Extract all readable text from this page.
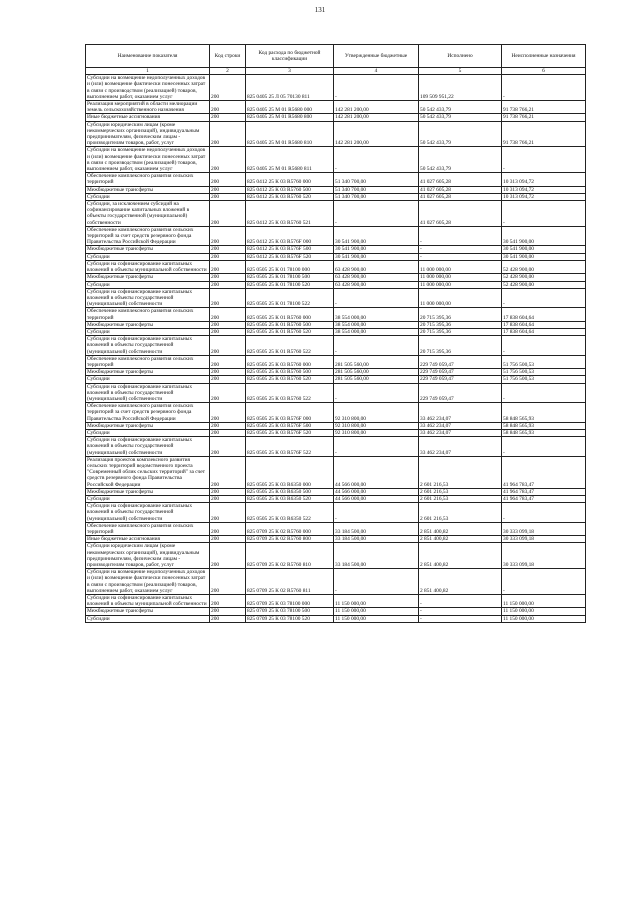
131
Наименование показателя	Код строки	Код расхода по бюджетной классификации	Утвержденные бюджетные	Исполнено	Неисполненные назначения
1	2	3	4	5	6
Субсидии на возмещение недополученных доходов и (или) возмещение фактически понесенных затрат в связи с производством (реализацией) товаров, выполнением работ, оказанием услуг	200	825 0405 25 Л 05 70130 811	-	109 509 951,22	-
Реализация мероприятий в области мелиорации земель сельскохозяйственного назначения	200	825 0405 25 М 01 R5680 000	142 281 200,00	50 542 433,79	91 738 766,21
Иные бюджетные ассигнования	200	825 0405 25 М 01 R5680 800	142 281 200,00	50 542 433,79	91 738 766,21
Субсидии юридическим лицам (кроме некоммерческих организаций), индивидуальным предпринимателям, физическим лицам - производителям товаров, работ, услуг	200	825 0405 25 М 01 R5680 810	142 281 200,00	50 542 433,79	91 738 766,21
Субсидии на возмещение недополученных доходов и (или) возмещение фактически понесенных затрат в связи с производством (реализацией) товаров, выполнением работ, оказанием услуг	200	825 0405 25 М 01 R5680 811	-	50 542 433,79	-
Обеспечение комплексного развития сельских территорий	200	825 0412 25 К 03 R5760 000	51 340 700,00	41 027 605,28	10 313 094,72
Межбюджетные трансферты	200	825 0412 25 К 03 R5760 500	51 340 700,00	41 027 605,28	10 313 094,72
Субсидии	200	825 0412 25 К 03 R5760 520	51 340 700,00	41 027 605,28	10 313 094,72
Субсидии, за исключением субсидий на софинансирование капитальных вложений в объекты государственной (муниципальной) собственности	200	825 0412 25 К 03 R5760 521	-	41 027 605,28	-
Обеспечение комплексного развития сельских территорий за счет средств резервного фонда Правительства Российской Федерации	200	825 0412 25 К 03 R576F 000	30 541 900,00	-	30 541 900,00
Межбюджетные трансферты	200	825 0412 25 К 03 R576F 500	30 541 900,00	-	30 541 900,00
Субсидии	200	825 0412 25 К 03 R576F 520	30 541 900,00	-	30 541 900,00
Субсидии на софинансирование капитальных вложений в объекты муниципальной собственности	200	825 0505 25 К 01 78100 000	63 428 900,00	11 000 000,00	52 428 900,00
Межбюджетные трансферты	200	825 0505 25 К 01 78100 500	63 428 900,00	11 000 000,00	52 428 900,00
Субсидии	200	825 0505 25 К 01 78100 520	63 428 900,00	11 000 000,00	52 428 900,00
Субсидии на софинансирование капитальных вложений в объекты государственной (муниципальной) собственности	200	825 0505 25 К 01 78100 522	-	11 000 000,00	-
Обеспечение комплексного развития сельских территорий	200	825 0505 25 К 01 R5760 000	38 554 000,00	20 715 395,36	17 838 604,64
Межбюджетные трансферты	200	825 0505 25 К 01 R5760 500	38 554 000,00	20 715 395,36	17 838 604,64
Субсидии	200	825 0505 25 К 01 R5760 520	38 554 000,00	20 715 395,36	17 838 604,64
Субсидии на софинансирование капитальных вложений в объекты государственной (муниципальной) собственности	200	825 0505 25 К 01 R5760 522	-	20 715 395,36	-
Обеспечение комплексного развития сельских территорий	200	825 0505 25 К 03 R5760 000	281 505 560,00	229 749 059,47	51 756 500,53
Межбюджетные трансферты	200	825 0505 25 К 03 R5760 500	281 505 560,00	229 749 059,47	51 756 500,53
Субсидии	200	825 0505 25 К 03 R5760 520	281 505 560,00	229 749 059,47	51 756 500,53
Субсидии на софинансирование капитальных вложений в объекты государственной (муниципальной) собственности	200	825 0505 25 К 03 R5760 522	-	229 749 059,47	-
Обеспечение комплексного развития сельских территорий за счет средств резервного фонда Правительства Российской Федерации	200	825 0505 25 К 03 R576F 000	92 310 800,00	33 462 234,07	58 848 565,93
Межбюджетные трансферты	200	825 0505 25 К 03 R576F 500	92 310 800,00	33 462 234,07	58 848 565,93
Субсидии	200	825 0505 25 К 03 R576F 520	92 310 800,00	33 462 234,07	58 848 565,93
Субсидии на софинансирование капитальных вложений в объекты государственной (муниципальной) собственности	200	825 0505 25 К 03 R576F 522	-	33 462 234,07	-
Реализация проектов комплексного развития сельских территорий ведомственного проекта "Современный облик сельских территорий" за счет средств резервного фонда Правительства Российской Федерации	200	825 0505 25 К 03 R6350 000	44 566 000,00	2 601 216,53	41 964 783,47
Межбюджетные трансферты	200	825 0505 25 К 03 R6350 500	44 566 000,00	2 601 216,53	41 964 783,47
Субсидии	200	825 0505 25 К 03 R6350 520	44 566 000,00	2 601 216,53	41 964 783,47
Субсидии на софинансирование капитальных вложений в объекты государственной (муниципальной) собственности	200	825 0505 25 К 03 R6350 522	-	2 601 216,53	-
Обеспечение комплексного развития сельских территорий	200	825 0709 25 К 02 R5760 000	33 184 500,00	2 851 400,82	30 333 099,18
Иные бюджетные ассигнования	200	825 0709 25 К 02 R5760 800	33 184 500,00	2 851 400,82	30 333 099,18
Субсидии юридическим лицам (кроме некоммерческих организаций), индивидуальным предпринимателям, физическим лицам - производителям товаров, работ, услуг	200	825 0709 25 К 02 R5760 810	33 184 500,00	2 851 400,82	30 333 099,18
Субсидии на возмещение недополученных доходов и (или) возмещение фактически понесенных затрат в связи с производством (реализацией) товаров, выполнением работ, оказанием услуг	200	825 0709 25 К 02 R5760 811	-	2 851 400,82	-
Субсидии на софинансирование капитальных вложений в объекты муниципальной собственности	200	825 0709 25 К 03 78100 000	11 150 000,00	-	11 150 000,00
Межбюджетные трансферты	200	825 0709 25 К 03 78100 500	11 150 000,00	-	11 150 000,00
Субсидии	200	825 0709 25 К 03 78100 520	11 150 000,00	-	11 150 000,00
